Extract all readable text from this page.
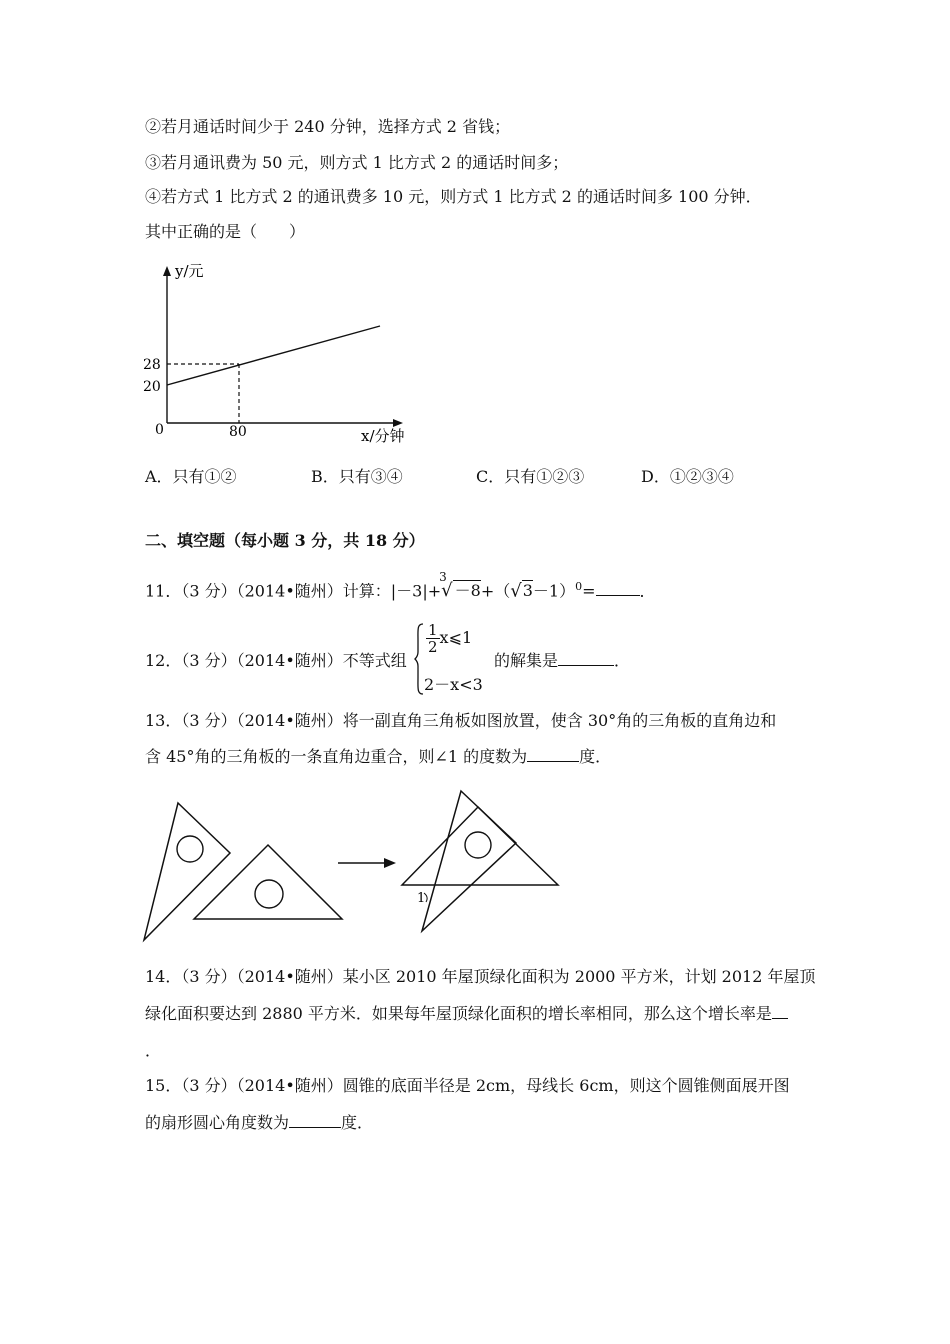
②若月通话时间少于 240 分钟，选择方式 2 省钱；
③若月通讯费为 50 元，则方式 1 比方式 2 的通话时间多；
④若方式 1 比方式 2 的通讯费多 10 元，则方式 1 比方式 2 的通话时间多 100 分钟．
其中正确的是（　　）
y/元
x/分钟
0
28
20
80
A．只有①②	B．只有③④	C．只有①②③	D．①②③④
二、填空题（每小题 3 分，共 18 分）
11．（3 分）（2014•随州）计算：|－3|+
3
√ $-8+(√3-1)^0=$	．
12．（3 分）（2014•随州）不等式组
$\frac{1}{2}$ x⩽1
2－x<3
的解集是	．
13．（3 分）（2014•随州）将一副直角三角板如图放置，使含 30°角的三角板的直角边和
含 45°角的三角板的一条直角边重合，则∠1 的度数为	度．
1
14．（3 分）（2014•随州）某小区 2010 年屋顶绿化面积为 2000 平方米，计划 2012 年屋顶
绿化面积要达到 2880 平方米．如果每年屋顶绿化面积的增长率相同，那么这个增长率是
．
15．（3 分）（2014•随州）圆锥的底面半径是 2cm，母线长 6cm，则这个圆锥侧面展开图
的扇形圆心角度数为	度．
